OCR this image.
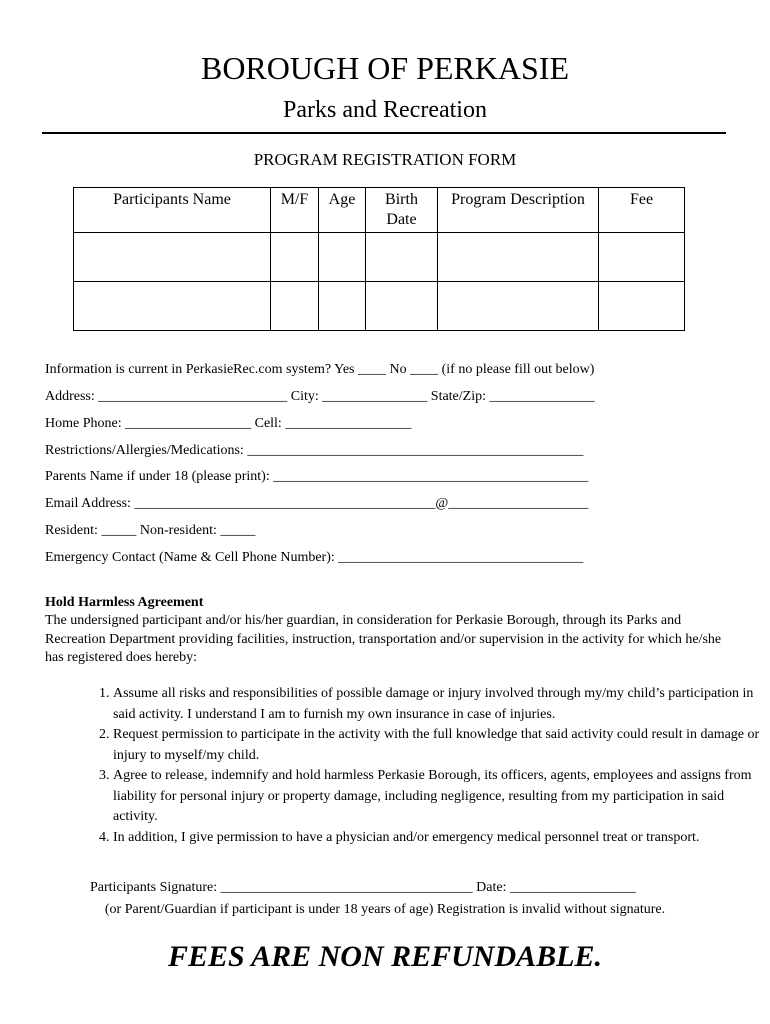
BOROUGH OF PERKASIE
Parks and Recreation
PROGRAM REGISTRATION FORM
Participants Name	M/F	Age	Birth Date	Program Description	Fee

Information is current in PerkasieRec.com system? Yes ____ No ____ (if no please fill out below)
Address: ___________________________ City: _______________ State/Zip: _______________
Home Phone: __________________ Cell: __________________
Restrictions/Allergies/Medications: ________________________________________________
Parents Name if under 18 (please print): _____________________________________________
Email Address: ___________________________________________@____________________
Resident: _____ Non-resident: _____
Emergency Contact (Name & Cell Phone Number): ___________________________________
Hold Harmless Agreement
The undersigned participant and/or his/her guardian, in consideration for Perkasie Borough, through its Parks and Recreation Department providing facilities, instruction, transportation and/or supervision in the activity for which he/she has registered does hereby:
1. Assume all risks and responsibilities of possible damage or injury involved through my/my child’s participation in said activity. I understand I am to furnish my own insurance in case of injuries.
2. Request permission to participate in the activity with the full knowledge that said activity could result in damage or injury to myself/my child.
3. Agree to release, indemnify and hold harmless Perkasie Borough, its officers, agents, employees and assigns from liability for personal injury or property damage, including negligence, resulting from my participation in said activity.
4. In addition, I give permission to have a physician and/or emergency medical personnel treat or transport.
Participants Signature: ____________________________________ Date: __________________
(or Parent/Guardian if participant is under 18 years of age) Registration is invalid without signature.
FEES ARE NON REFUNDABLE.
